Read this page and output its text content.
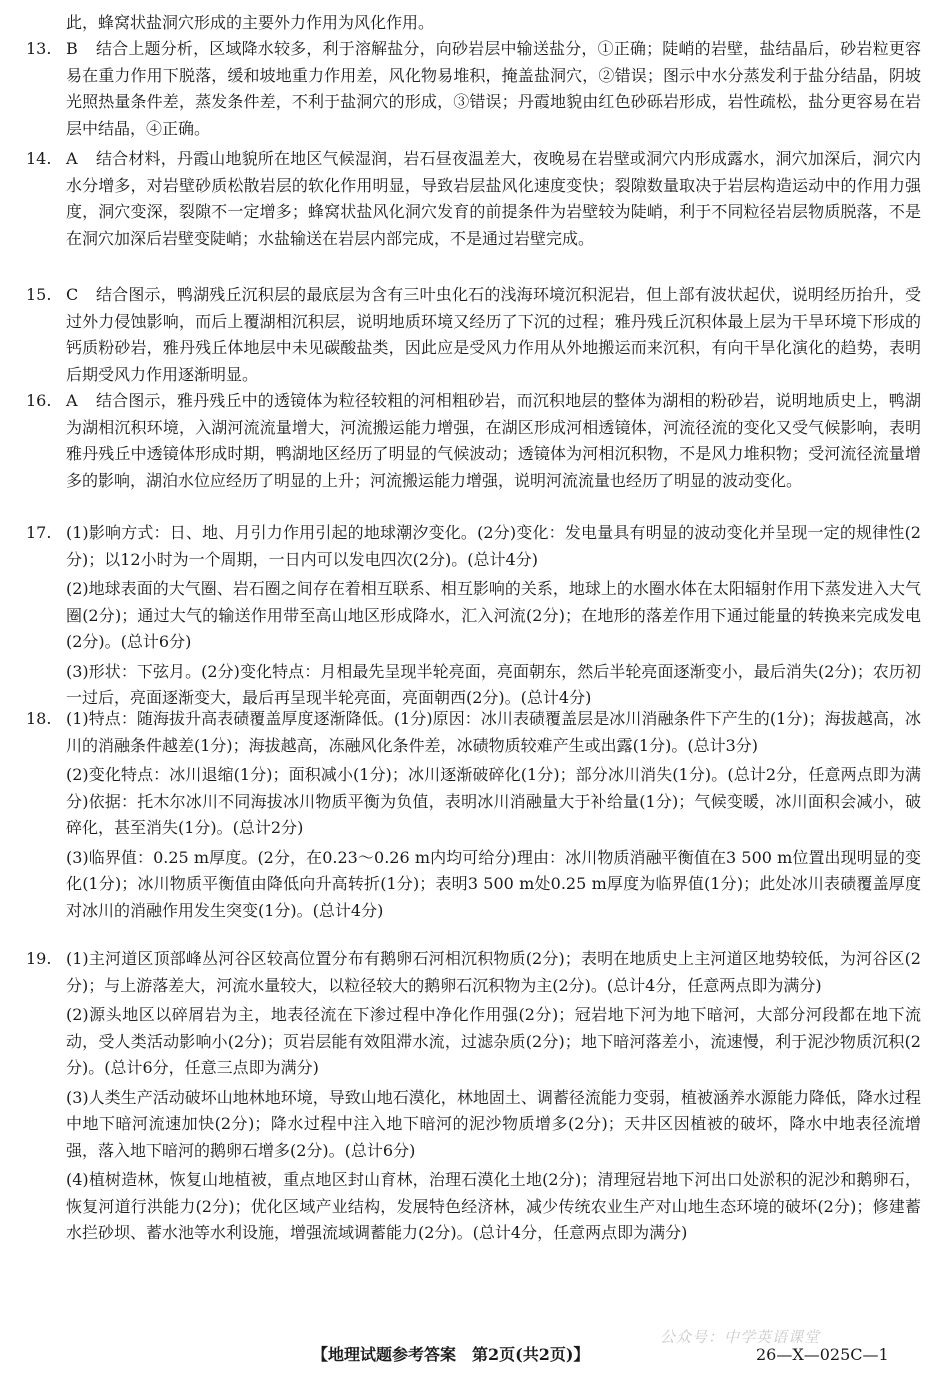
此，蜂窝状盐洞穴形成的主要外力作用为风化作用。
13. B	结合上题分析，区域降水较多，利于溶解盐分，向砂岩层中输送盐分，①正确；陡峭的岩壁，盐结晶后，砂岩粒更容易在重力作用下脱落，缓和坡地重力作用差，风化物易堆积，掩盖盐洞穴，②错误；图示中水分蒸发利于盐分结晶，阴坡光照热量条件差，蒸发条件差，不利于盐洞穴的形成，③错误；丹霞地貌由红色砂砾岩形成，岩性疏松，盐分更容易在岩层中结晶，④正确。
14. A	结合材料，丹霞山地貌所在地区气候湿润，岩石昼夜温差大，夜晚易在岩壁或洞穴内形成露水，洞穴加深后，洞穴内水分增多，对岩壁砂质松散岩层的软化作用明显，导致岩层盐风化速度变快；裂隙数量取决于岩层构造运动中的作用力强度，洞穴变深，裂隙不一定增多；蜂窝状盐风化洞穴发育的前提条件为岩壁较为陡峭，利于不同粒径岩层物质脱落，不是在洞穴加深后岩壁变陡峭；水盐输送在岩层内部完成，不是通过岩壁完成。
15. C	结合图示，鸭湖残丘沉积层的最底层为含有三叶虫化石的浅海环境沉积泥岩，但上部有波状起伏，说明经历抬升，受过外力侵蚀影响，而后上覆湖相沉积层，说明地质环境又经历了下沉的过程；雅丹残丘沉积体最上层为干旱环境下形成的钙质粉砂岩，雅丹残丘体地层中未见碳酸盐类，因此应是受风力作用从外地搬运而来沉积，有向干旱化演化的趋势，表明后期受风力作用逐渐明显。
16. A	结合图示，雅丹残丘中的透镜体为粒径较粗的河相粗砂岩，而沉积地层的整体为湖相的粉砂岩，说明地质史上，鸭湖为湖相沉积环境，入湖河流流量增大，河流搬运能力增强，在湖区形成河相透镜体，河流径流的变化又受气候影响，表明雅丹残丘中透镜体形成时期，鸭湖地区经历了明显的气候波动；透镜体为河相沉积物，不是风力堆积物；受河流径流量增多的影响，湖泊水位应经历了明显的上升；河流搬运能力增强，说明河流流量也经历了明显的波动变化。
17. (1)影响方式：日、地、月引力作用引起的地球潮汐变化。(2分)变化：发电量具有明显的波动变化并呈现一定的规律性(2分)；以12小时为一个周期，一日内可以发电四次(2分)。(总计4分)
(2)地球表面的大气圈、岩石圈之间存在着相互联系、相互影响的关系，地球上的水圈水体在太阳辐射作用下蒸发进入大气圈(2分)；通过大气的输送作用带至高山地区形成降水，汇入河流(2分)；在地形的落差作用下通过能量的转换来完成发电(2分)。(总计6分)
(3)形状：下弦月。(2分)变化特点：月相最先呈现半轮亮面，亮面朝东，然后半轮亮面逐渐变小，最后消失(2分)；农历初一过后，亮面逐渐变大，最后再呈现半轮亮面，亮面朝西(2分)。(总计4分)
18. (1)特点：随海拔升高表碛覆盖厚度逐渐降低。(1分)原因：冰川表碛覆盖层是冰川消融条件下产生的(1分)；海拔越高，冰川的消融条件越差(1分)；海拔越高，冻融风化条件差，冰碛物质较难产生或出露(1分)。(总计3分)
(2)变化特点：冰川退缩(1分)；面积减小(1分)；冰川逐渐破碎化(1分)；部分冰川消失(1分)。(总计2分，任意两点即为满分)依据：托木尔冰川不同海拔冰川物质平衡为负值，表明冰川消融量大于补给量(1分)；气候变暖，冰川面积会减小，破碎化，甚至消失(1分)。(总计2分)
(3)临界值：0.25 m厚度。(2分，在0.23～0.26 m内均可给分)理由：冰川物质消融平衡值在3 500 m位置出现明显的变化(1分)；冰川物质平衡值由降低向升高转折(1分)；表明3 500 m处0.25 m厚度为临界值(1分)；此处冰川表碛覆盖厚度对冰川的消融作用发生突变(1分)。(总计4分)
19. (1)主河道区顶部峰丛河谷区较高位置分布有鹅卵石河相沉积物质(2分)；表明在地质史上主河道区地势较低，为河谷区(2分)；与上游落差大，河流水量较大，以粒径较大的鹅卵石沉积物为主(2分)。(总计4分，任意两点即为满分)
(2)源头地区以碎屑岩为主，地表径流在下渗过程中净化作用强(2分)；冠岩地下河为地下暗河，大部分河段都在地下流动，受人类活动影响小(2分)；页岩层能有效阻滞水流，过滤杂质(2分)；地下暗河落差小，流速慢，利于泥沙物质沉积(2分)。(总计6分，任意三点即为满分)
(3)人类生产活动破坏山地林地环境，导致山地石漠化，林地固土、调蓄径流能力变弱，植被涵养水源能力降低，降水过程中地下暗河流速加快(2分)；降水过程中注入地下暗河的泥沙物质增多(2分)；天井区因植被的破坏，降水中地表径流增强，落入地下暗河的鹅卵石增多(2分)。(总计6分)
(4)植树造林，恢复山地植被，重点地区封山育林，治理石漠化土地(2分)；清理冠岩地下河出口处淤积的泥沙和鹅卵石，恢复河道行洪能力(2分)；优化区域产业结构，发展特色经济林，减少传统农业生产对山地生态环境的破坏(2分)；修建蓄水拦砂坝、蓄水池等水利设施，增强流域调蓄能力(2分)。(总计4分，任意两点即为满分)
公众号：中学英语课堂
【地理试题参考答案　第2页(共2页)】	26—X—025C—1
